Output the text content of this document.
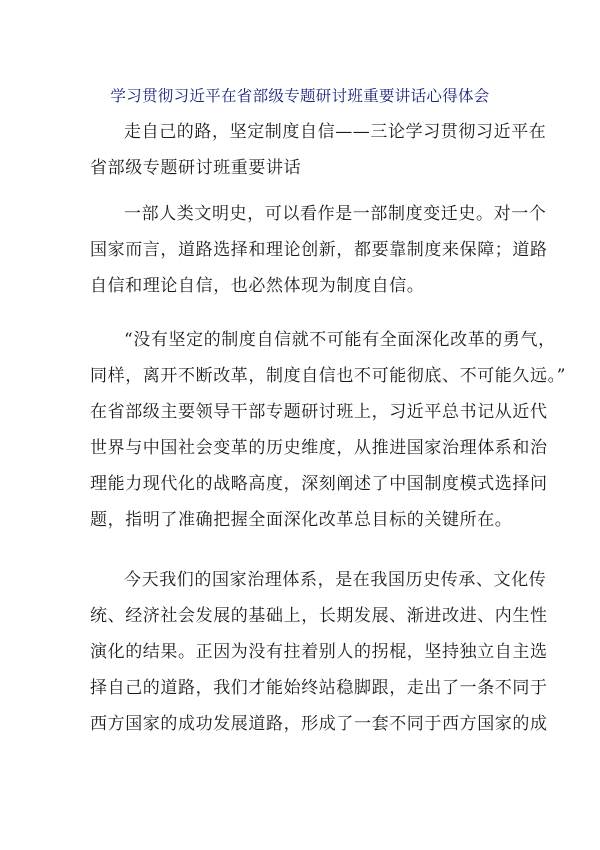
学习贯彻习近平在省部级专题研讨班重要讲话心得体会
走自己的路，坚定制度自信——三论学习贯彻习近平在
省部级专题研讨班重要讲话
一部人类文明史，可以看作是一部制度变迁史。对一个
国家而言，道路选择和理论创新，都要靠制度来保障；道路
自信和理论自信，也必然体现为制度自信。
“没有坚定的制度自信就不可能有全面深化改革的勇气，
同样，离开不断改革，制度自信也不可能彻底、不可能久远。”
在省部级主要领导干部专题研讨班上，习近平总书记从近代
世界与中国社会变革的历史维度，从推进国家治理体系和治
理能力现代化的战略高度，深刻阐述了中国制度模式选择问
题，指明了准确把握全面深化改革总目标的关键所在。
今天我们的国家治理体系，是在我国历史传承、文化传
统、经济社会发展的基础上，长期发展、渐进改进、内生性
演化的结果。正因为没有拄着别人的拐棍，坚持独立自主选
择自己的道路，我们才能始终站稳脚跟，走出了一条不同于
西方国家的成功发展道路，形成了一套不同于西方国家的成
